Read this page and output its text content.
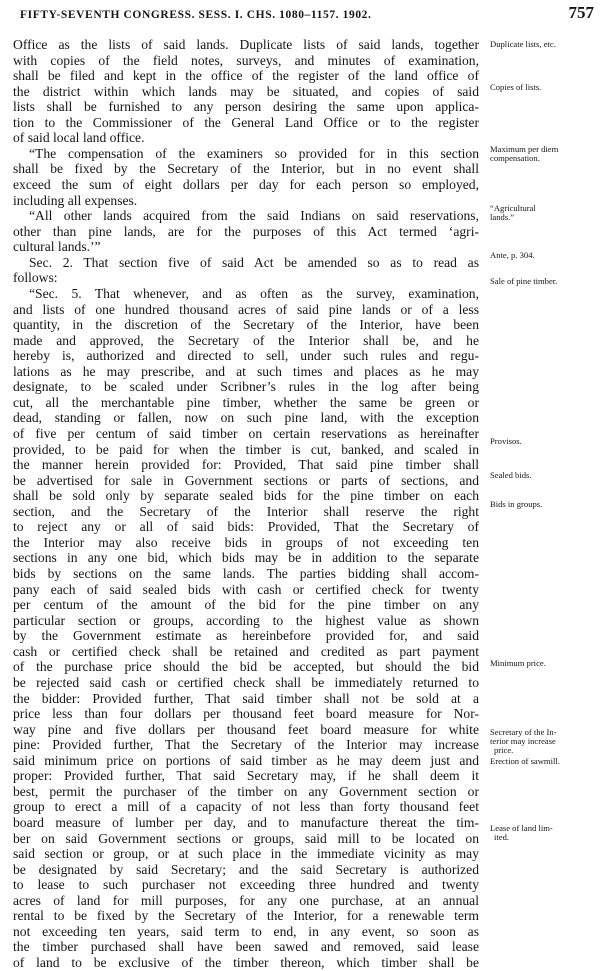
FIFTY-SEVENTH CONGRESS. SESS. I. CHS. 1080–1157. 1902.	757
Office as the lists of said lands. Duplicate lists of said lands, together
with copies of the field notes, surveys, and minutes of examination,
shall be filed and kept in the office of the register of the land office of
the district within which lands may be situated, and copies of said
lists shall be furnished to any person desiring the same upon applica-
tion to the Commissioner of the General Land Office or to the register
of said local land office.
“The compensation of the examiners so provided for in this section
shall be fixed by the Secretary of the Interior, but in no event shall
exceed the sum of eight dollars per day for each person so employed,
including all expenses.
“All other lands acquired from the said Indians on said reservations,
other than pine lands, are for the purposes of this Act termed ‘agri-
cultural lands.’”
Sec. 2. That section five of said Act be amended so as to read as
follows:
“Sec. 5. That whenever, and as often as the survey, examination,
and lists of one hundred thousand acres of said pine lands or of a less
quantity, in the discretion of the Secretary of the Interior, have been
made and approved, the Secretary of the Interior shall be, and he
hereby is, authorized and directed to sell, under such rules and regu-
lations as he may prescribe, and at such times and places as he may
designate, to be scaled under Scribner’s rules in the log after being
cut, all the merchantable pine timber, whether the same be green or
dead, standing or fallen, now on such pine land, with the exception
of five per centum of said timber on certain reservations as hereinafter
provided, to be paid for when the timber is cut, banked, and scaled in
the manner herein provided for: Provided, That said pine timber shall
be advertised for sale in Government sections or parts of sections, and
shall be sold only by separate sealed bids for the pine timber on each
section, and the Secretary of the Interior shall reserve the right
to reject any or all of said bids: Provided, That the Secretary of
the Interior may also receive bids in groups of not exceeding ten
sections in any one bid, which bids may be in addition to the separate
bids by sections on the same lands. The parties bidding shall accom-
pany each of said sealed bids with cash or certified check for twenty
per centum of the amount of the bid for the pine timber on any
particular section or groups, according to the highest value as shown
by the Government estimate as hereinbefore provided for, and said
cash or certified check shall be retained and credited as part payment
of the purchase price should the bid be accepted, but should the bid
be rejected said cash or certified check shall be immediately returned to
the bidder: Provided further, That said timber shall not be sold at a
price less than four dollars per thousand feet board measure for Nor-
way pine and five dollars per thousand feet board measure for white
pine: Provided further, That the Secretary of the Interior may increase
said minimum price on portions of said timber as he may deem just and
proper: Provided further, That said Secretary may, if he shall deem it
best, permit the purchaser of the timber on any Government section or
group to erect a mill of a capacity of not less than forty thousand feet
board measure of lumber per day, and to manufacture thereat the tim-
ber on said Government sections or groups, said mill to be located on
said section or group, or at such place in the immediate vicinity as may
be designated by said Secretary; and the said Secretary is authorized
to lease to such purchaser not exceeding three hundred and twenty
acres of land for mill purposes, for any one purchase, at an annual
rental to be fixed by the Secretary of the Interior, for a renewable term
not exceeding ten years, said term to end, in any event, so soon as
the timber purchased shall have been sawed and removed, said lease
of land to be exclusive of the timber thereon, which timber shall be
Duplicate lists, etc.
Copies of lists.
Maximum per diem
compensation.
“Agricultural
lands.”
Ante, p. 304.
Sale of pine timber.
Provisos.
Sealed bids.
Bids in groups.
Minimum price.
Secretary of the In-
terior may increase
price.
Erection of sawmill.
Lease of land lim-
ited.
